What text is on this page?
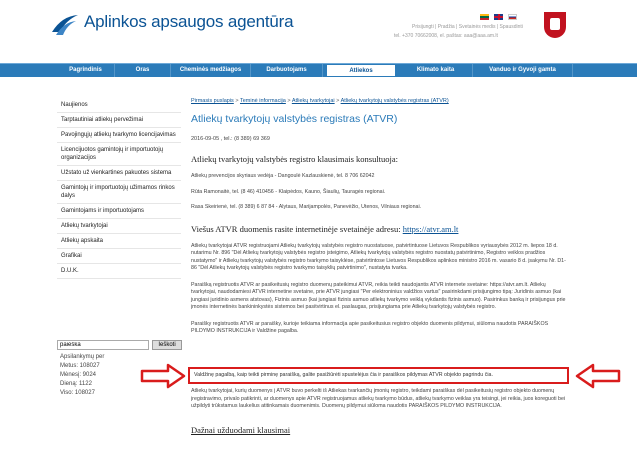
Aplinkos apsaugos agentūra	Prisijungti | Pradžia | Svetainės medis | Spausdinti
tel. +370 70662008, el. paštas: aaa@aaa.am.lt
Pagrindinis	Oras	Cheminės medžiagos	Darbuotojams	Atliekos	Klimato kaita	Vanduo ir Gyvoji gamta
Naujienos
Tarptautiniai atliekų pervežimai
Pavojingųjų atliekų tvarkymo licencijavimas
Licencijuotos gamintojų ir importuotojų organizacijos
Užstato už vienkartines pakuotes sistema
Gamintojų ir importuotojų užimamos rinkos dalys
Gamintojams ir importuotojams
Atliekų tvarkytojai
Atliekų apskaita
Grafikai
D.U.K.
paieška
Ieškoti
Apsilankymų per
Metus: 108027
Mėnesį: 9024
Dieną: 1122
Viso: 108027
Pirmasis puslapis > Teminė informacija > Atliekų tvarkytojai > Atliekų tvarkytojų valstybės registras (ATVR)
Atliekų tvarkytojų valstybės registras (ATVR)
2016-09-05 , tel.: (8 389) 69 369
Atliekų tvarkytojų valstybės registro klausimais konsultuoja:
Atliekų prevencijos skyriaus vedėja - Dangoulė Kazlauskienė, tel. 8 706 62042
Rūta Ramonaitė, tel. (8 46) 410456 - Klaipėdos, Kauno, Šiaulių, Tauragės regionai.
Rasa Skeirienė, tel. (8 389) 6 87 84 - Alytaus, Marijampolės, Panevėžio, Utenos, Vilniaus regionai.
Viešus ATVR duomenis rasite internetinėje svetainėje adresu: https://atvr.am.lt
Atliekų tvarkytojai ATVR registruojami Atliekų tvarkytojų valstybės registro nuostatuose, patvirtintuose Lietuvos Respublikos vyriausybės 2012 m. liepos 18 d. nutarimu Nr. 896 "Dėl Atliekų tvarkytojų valstybės registro įsteigimo, Atliekų tvarkytojų valstybės registro nuostatų patvirtinimo, Registro veiklos pradžios nustatymo" ir Atliekų tvarkytojų valstybės registro tvarkymo taisyklėse, patvirtintose Lietuvos Respublikos aplinkos ministro 2016 m. vasario 8 d. įsakymu Nr. D1-86 "Dėl Atliekų tvarkytojų valstybės registro tvarkymo taisyklių patvirtinimo", nustatyta tvarka.
Paraišką registruotis ATVR ar pasikeitusių registro duomenų pateikimui ATVR, reikia teikti naudojantis ATVR internete svetaine: https://atvr.am.lt. Atliekų tvarkytojai, naudodamiesi ATVR internetine svetaine, prie ATVR jungiasi "Per elektroninius valdžios vartus" pasirinkdami prisijungimo tipą: Juridinis asmuo (kai jungiasi juridinio asmens atstovas), Fizinis asmuo (kai jungiasi fizinis asmuo atliekų tvarkymo veiklą vykdantis fizinis asmuo). Pasirinkus banką ir prisijungus prie įmonės internetinės bankininkystės sistemos bei pasitvirtinus el. paslaugas, prisijungiama prie Atliekų tvarkytojų valstybės registro.
Paraišky registruotis ATVR ar paraišky, kurioje teikiama informacija apie pasikeitusius registro objekto duomenis pildymui, siūloma naudotis PARAIŠKOS PILDYMO INSTRUKCIJA ir Valdžine pagalba.
Valdžinę pagalbą, kaip teikti pirminę paraišką, galite pasižiūrėti spustelėjus čia ir paraiškos pildymas ATVR objekto pagrindu čia.
Atliekų tvarkytojai, kurių duomenys į ATVR buvo perkelti iš Atliekas tvarkančių įmonių registro, teikdami paraiškas dėl pasikeitusių registro objekto duomenų įregistravimo, privalo patikrinti, ar duomenys apie ATVR registruojamus atliekų tvarkymo būdus, atliekų tvarkymo veiklas yra teisingi, jei reikia, juos koreguoti bei užpildyti trūkstamus laukelius atitinkamais duomenimis. Duomenų pildymui siūloma naudotis PARAIŠKOS PILDYMO INSTRUKCIJA.
Dažnai užduodami klausimai
